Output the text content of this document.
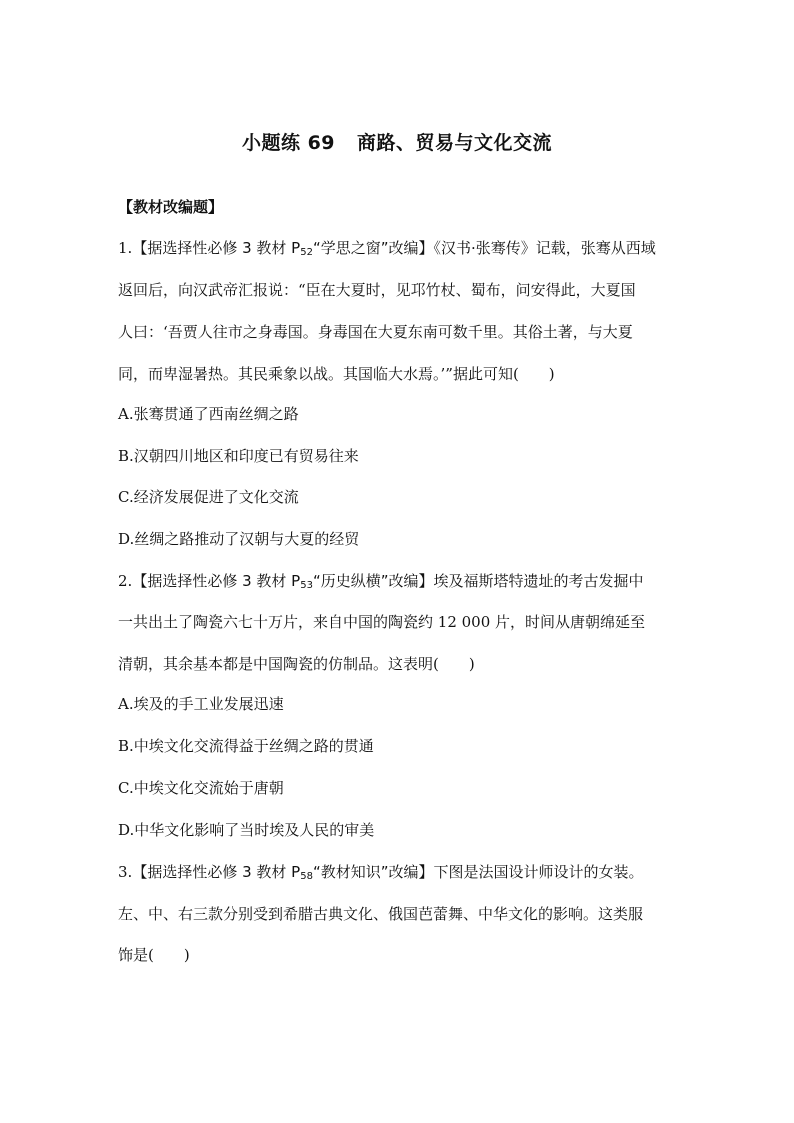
小题练 69 商路、贸易与文化交流
【教材改编题】
1.【据选择性必修 3 教材 $P_{52}“$学思之窗”改编】《汉书·张骞传》记载，张骞从西域
返回后，向汉武帝汇报说：“臣在大夏时，见邛竹杖、蜀布，问安得此，大夏国
人曰：‘吾贾人往市之身毒国。身毒国在大夏东南可数千里。其俗土著，与大夏
同，而卑湿暑热。其民乘象以战。其国临大水焉。’”据此可知(　　)
A.张骞贯通了西南丝绸之路
B.汉朝四川地区和印度已有贸易往来
C.经济发展促进了文化交流
D.丝绸之路推动了汉朝与大夏的经贸
2.【据选择性必修 3 教材 $P_{53}“$历史纵横”改编】埃及福斯塔特遗址的考古发掘中
一共出土了陶瓷六七十万片，来自中国的陶瓷约 12 000 片，时间从唐朝绵延至
清朝，其余基本都是中国陶瓷的仿制品。这表明(　　)
A.埃及的手工业发展迅速
B.中埃文化交流得益于丝绸之路的贯通
C.中埃文化交流始于唐朝
D.中华文化影响了当时埃及人民的审美
3.【据选择性必修 3 教材 $P_{58}“$教材知识”改编】下图是法国设计师设计的女装。
左、中、右三款分别受到希腊古典文化、俄国芭蕾舞、中华文化的影响。这类服
饰是(　　)
